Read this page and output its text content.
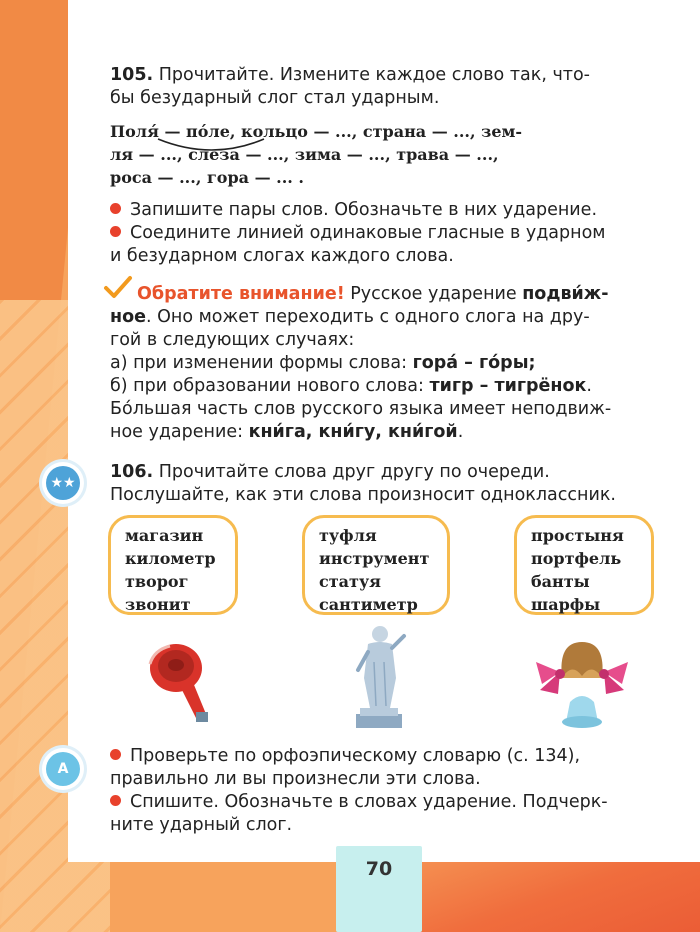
105. Прочитайте. Измените каждое слово так, что-

бы безударный слог стал ударным.

Поля́ — по́ле, кольцо — ..., страна — ..., зем-

ля — ..., слеза — ..., зима — ..., трава — ...,

роса — ..., гора — ... .

Запишите пары слов. Обозначьте в них ударение.

Соедините линией одинаковые гласные в ударном

и безударном слогах каждого слова.

Обратите внимание! Русское ударение подви́ж-

ное. Оно может переходить с одного слога на дру-

гой в следующих случаях:

а) при изменении формы слова: гора́ – го́ры;

б) при образовании нового слова: тигр – тигрёнок.

Бо́льшая часть слов русского языка имеет неподвиж-

ное ударение: кни́га, кни́гу, кни́гой.

★★

106. Прочитайте слова друг другу по очереди.

Послушайте, как эти слова произносит одноклассник.

магазин
километр
творог
звонит
туфля
инструмент
статуя
сантиметр
простыня
портфель
банты
шарфы
А

Проверьте по орфоэпическому словарю (с. 134),

правильно ли вы произнесли эти слова.

Спишите. Обозначьте в словах ударение. Подчерк-

ните ударный слог.

70
